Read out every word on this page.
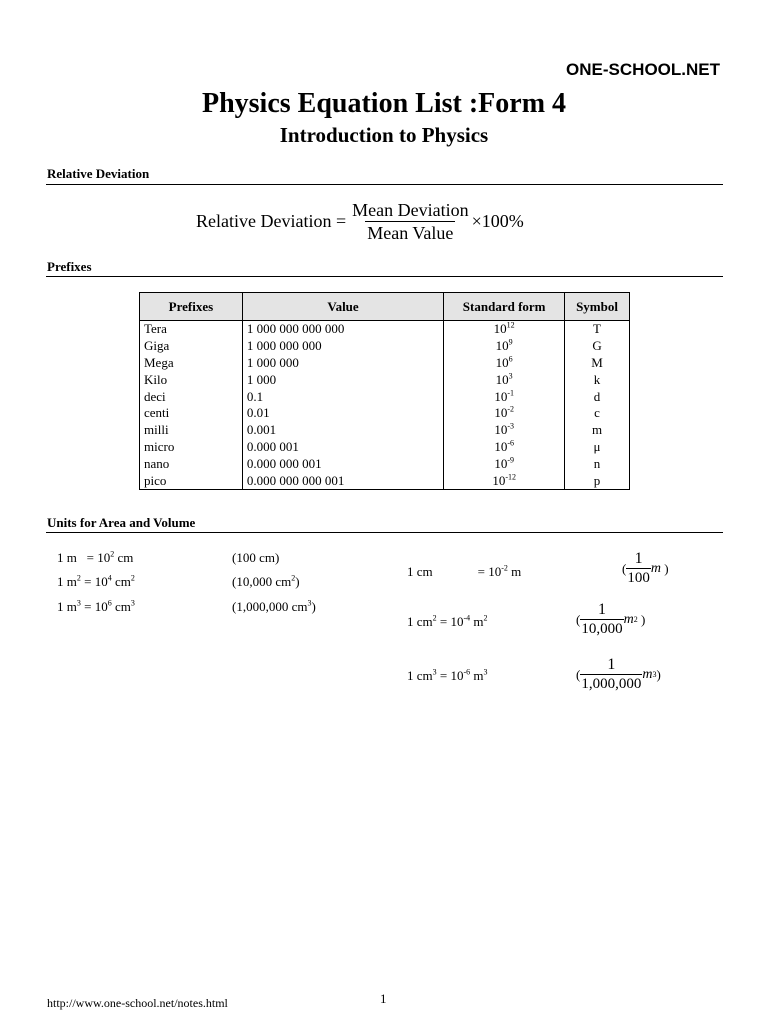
ONE-SCHOOL.NET
Physics Equation List :Form 4
Introduction to Physics
Relative Deviation
Relative Deviation = $\frac{\text{Mean Deviation}}{\text{Mean Value}} \times 100\%$
Prefixes
Prefixes	Value	Standard form	Symbol
Tera	1 000 000 000 000	$10^{12}$	T
Giga	1 000 000 000	$10^9$	G
Mega	1 000 000	$10^6$	M
Kilo	1 000	$10^3$	k
deci	0.1	$10^{-1}$	d
centi	0.01	$10^{-2}$	c
milli	0.001	$10^{-3}$	m
micro	0.000 001	$10^{-6}$	μ
nano	0.000 000 001	$10^{-9}$	n
pico	0.000 000 000 001	$10^{-12}$	p
Units for Area and Volume
1 $m = 10^2$ cm	(100 cm)
1 $m^2 = 10^4$ $cm^2$	(10,000 $cm^2$)
1 $m^3 = 10^6$ $cm^3$	(1,000,000 $cm^3$)
1 cm	= $10^{-2}$ m	(
1
100
m )
1 $cm^2 = 10^{-4}$ $m^2$	(
1
10,000
m 2 )
1 $cm^3 = 10^{-6}$ $m^3$	(
1
1,000,000
m 3 )
http://www.one-school.net/notes.html	1
